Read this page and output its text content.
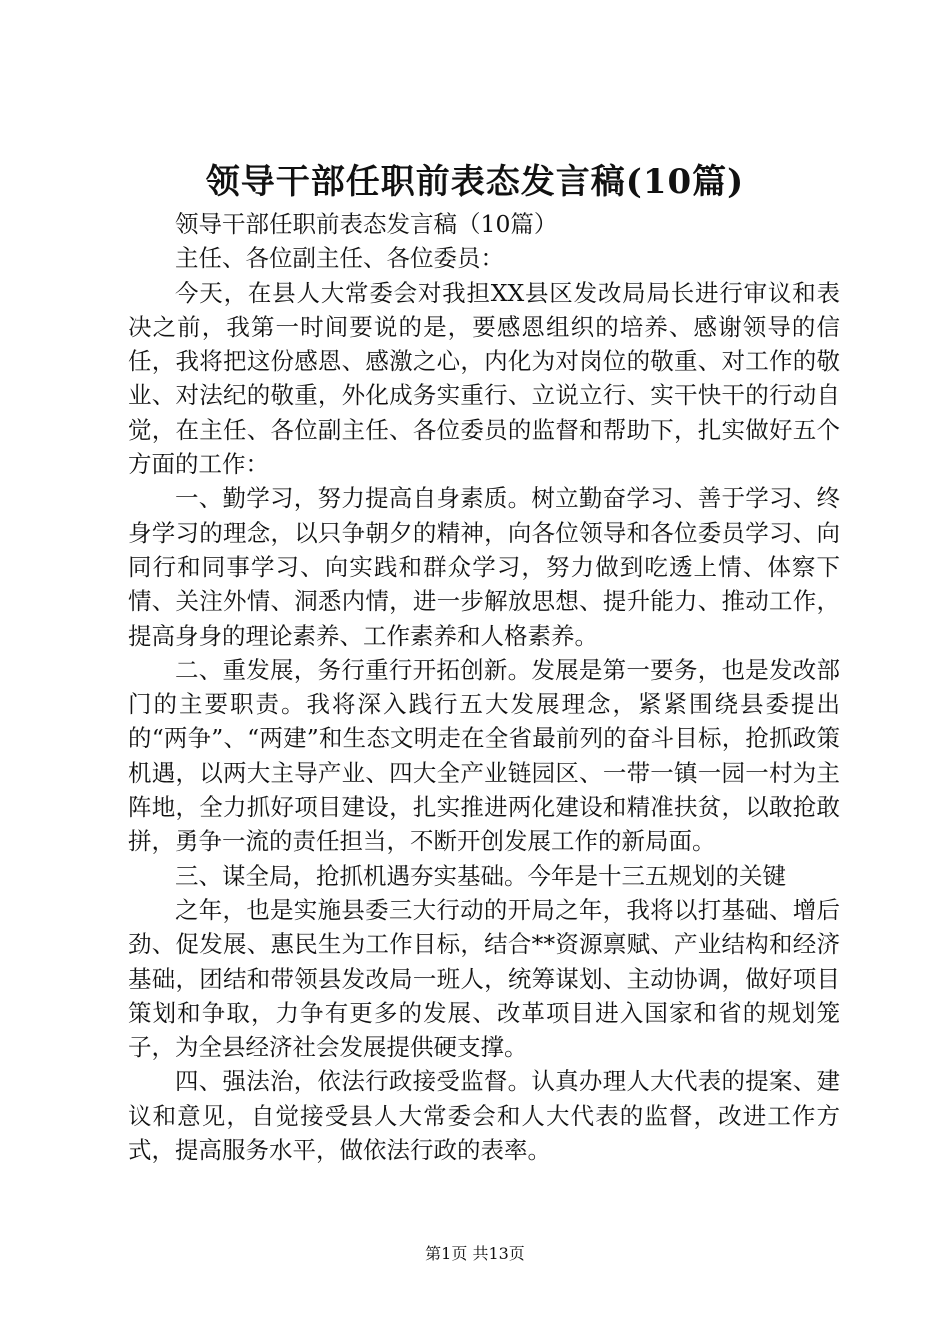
领导干部任职前表态发言稿(10篇)

领导干部任职前表态发言稿（10篇）

主任、各位副主任、各位委员：

今天，在县人大常委会对我担XX县区发改局局长进行审议和表决之前，我第一时间要说的是，要感恩组织的培养、感谢领导的信任，我将把这份感恩、感激之心，内化为对岗位的敬重、对工作的敬业、对法纪的敬重，外化成务实重行、立说立行、实干快干的行动自觉，在主任、各位副主任、各位委员的监督和帮助下，扎实做好五个方面的工作：

一、勤学习，努力提高自身素质。树立勤奋学习、善于学习、终身学习的理念，以只争朝夕的精神，向各位领导和各位委员学习、向同行和同事学习、向实践和群众学习，努力做到吃透上情、体察下情、关注外情、洞悉内情，进一步解放思想、提升能力、推动工作，提高身身的理论素养、工作素养和人格素养。

二、重发展，务行重行开拓创新。发展是第一要务，也是发改部门的主要职责。我将深入践行五大发展理念，紧紧围绕县委提出的“两争”、“两建”和生态文明走在全省最前列的奋斗目标，抢抓政策机遇，以两大主导产业、四大全产业链园区、一带一镇一园一村为主阵地，全力抓好项目建设，扎实推进两化建设和精准扶贫，以敢抢敢拼，勇争一流的责任担当，不断开创发展工作的新局面。

三、谋全局，抢抓机遇夯实基础。今年是十三五规划的关键

之年，也是实施县委三大行动的开局之年，我将以打基础、增后劲、促发展、惠民生为工作目标，结合**资源禀赋、产业结构和经济基础，团结和带领县发改局一班人，统筹谋划、主动协调，做好项目策划和争取，力争有更多的发展、改革项目进入国家和省的规划笼子，为全县经济社会发展提供硬支撑。

四、强法治，依法行政接受监督。认真办理人大代表的提案、建议和意见，自觉接受县人大常委会和人大代表的监督，改进工作方式，提高服务水平，做依法行政的表率。

第1页 共13页
